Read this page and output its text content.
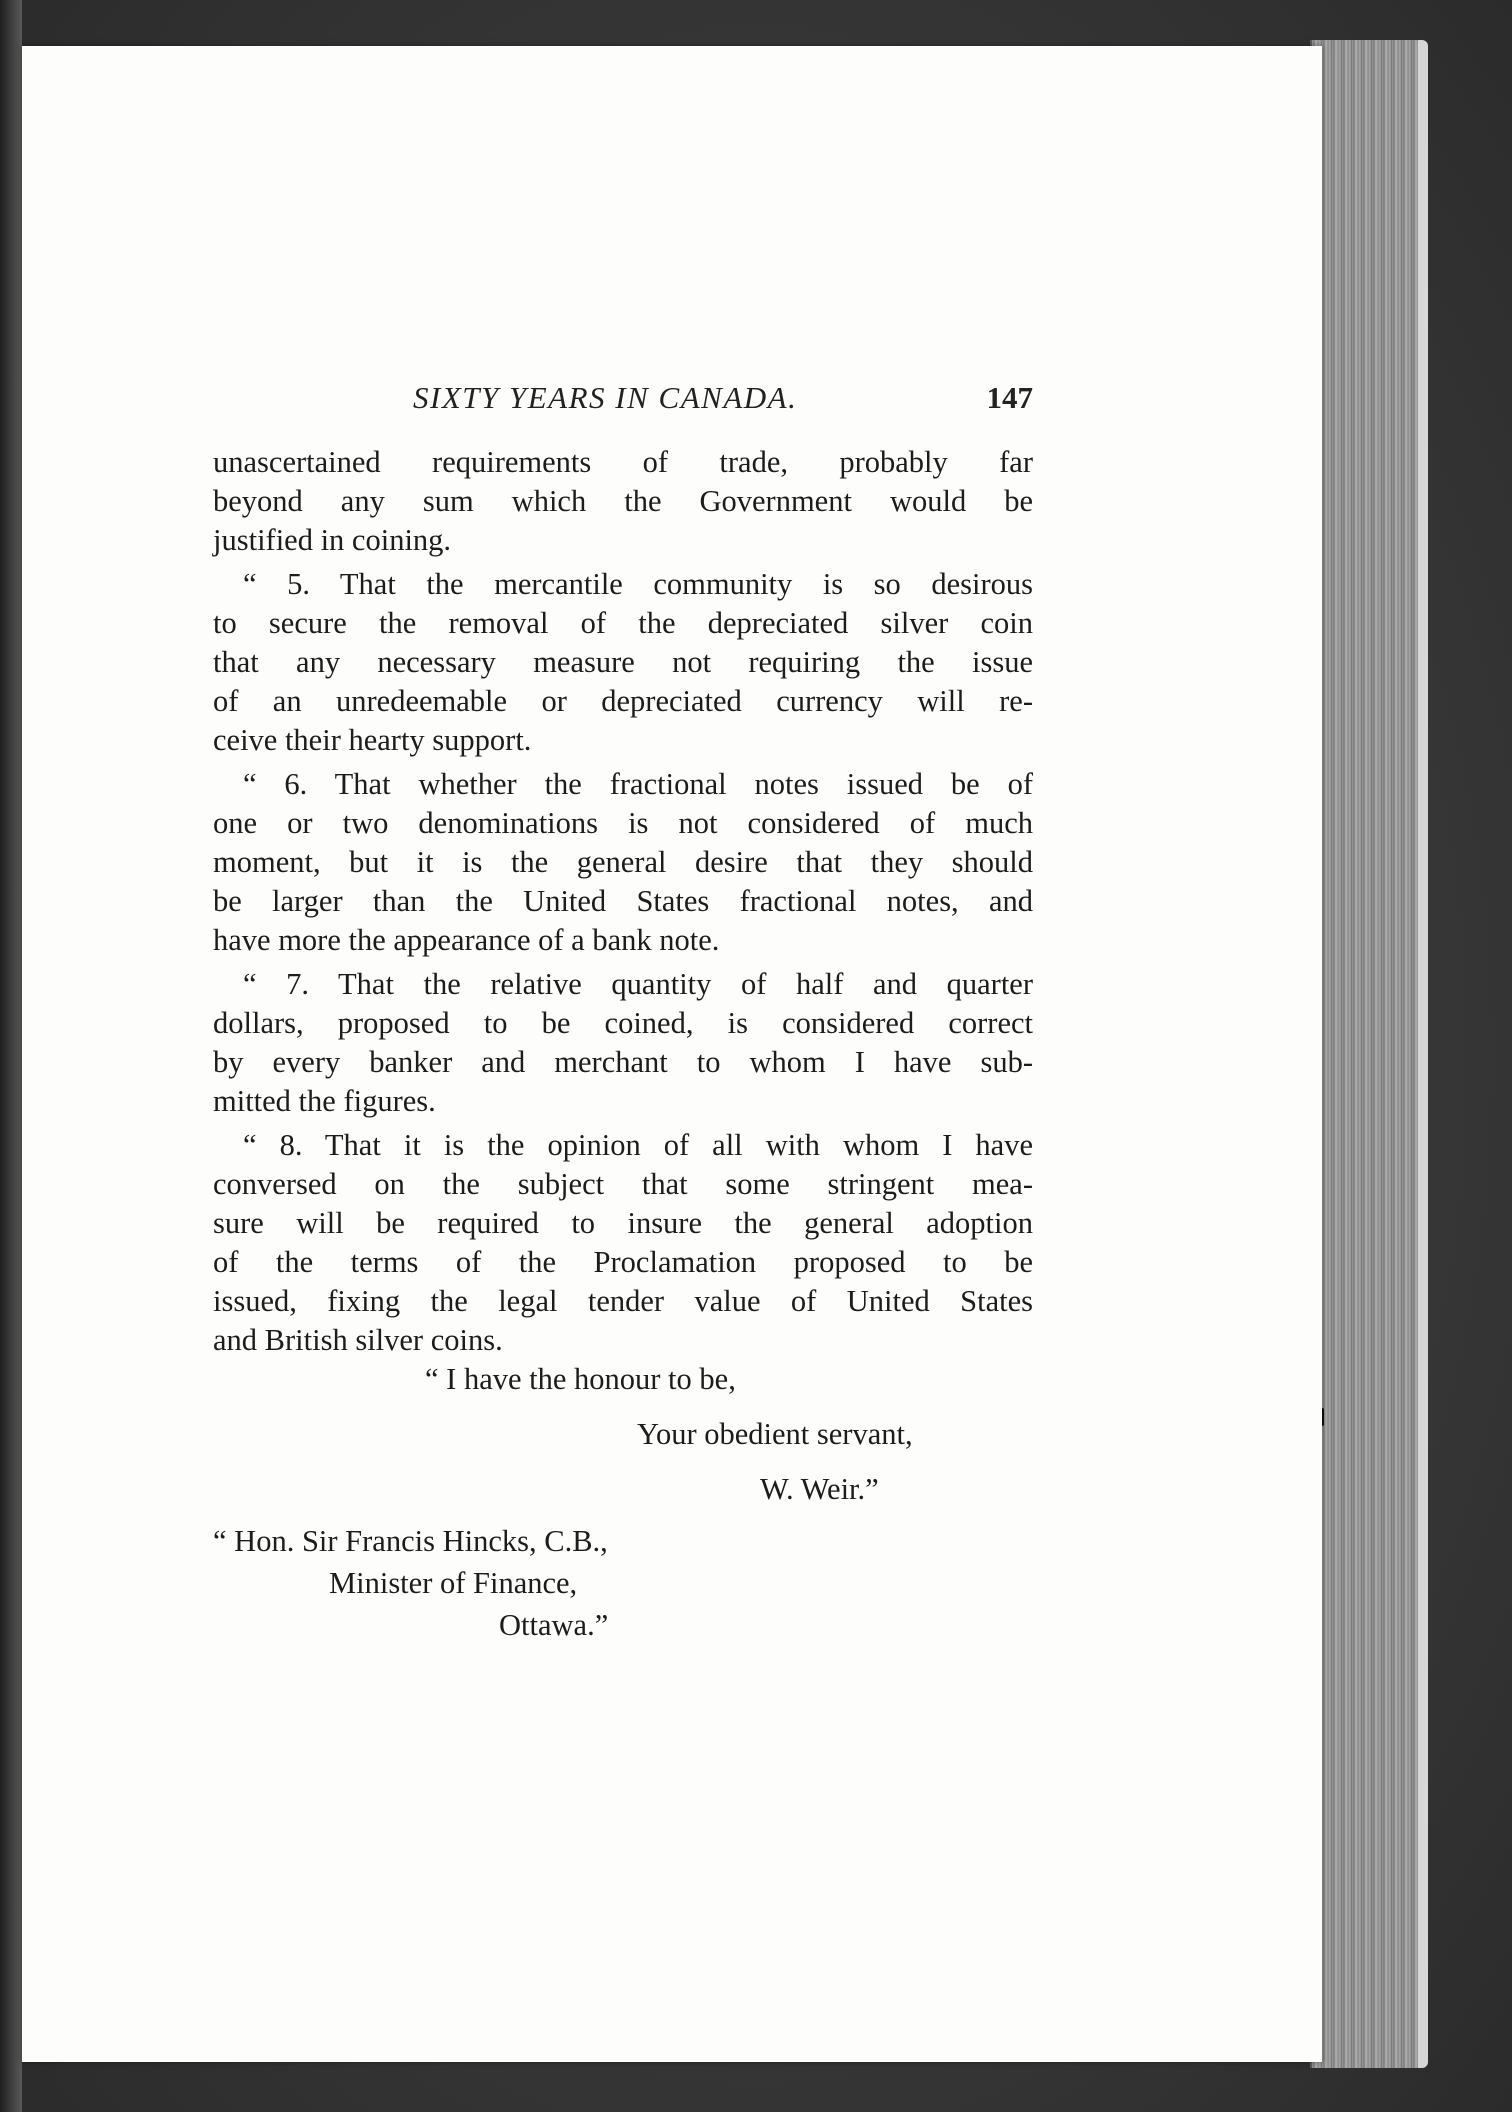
SIXTY YEARS IN CANADA.	147

unascertained requirements of trade, probably far
beyond any sum which the Government would be
justified in coining.

“ 5. That the mercantile community is so desirous
to secure the removal of the depreciated silver coin
that any necessary measure not requiring the issue
of an unredeemable or depreciated currency will re-
ceive their hearty support.

“ 6. That whether the fractional notes issued be of
one or two denominations is not considered of much
moment, but it is the general desire that they should
be larger than the United States fractional notes, and
have more the appearance of a bank note.

“ 7. That the relative quantity of half and quarter
dollars, proposed to be coined, is considered correct
by every banker and merchant to whom I have sub-
mitted the figures.

“ 8. That it is the opinion of all with whom I have
conversed on the subject that some stringent mea-
sure will be required to insure the general adoption
of the terms of the Proclamation proposed to be
issued, fixing the legal tender value of United States
and British silver coins.

“ I have the honour to be,
Your obedient servant,
W. Weir.”
“ Hon. Sir Francis Hincks, C.B.,
Minister of Finance,
Ottawa.”
